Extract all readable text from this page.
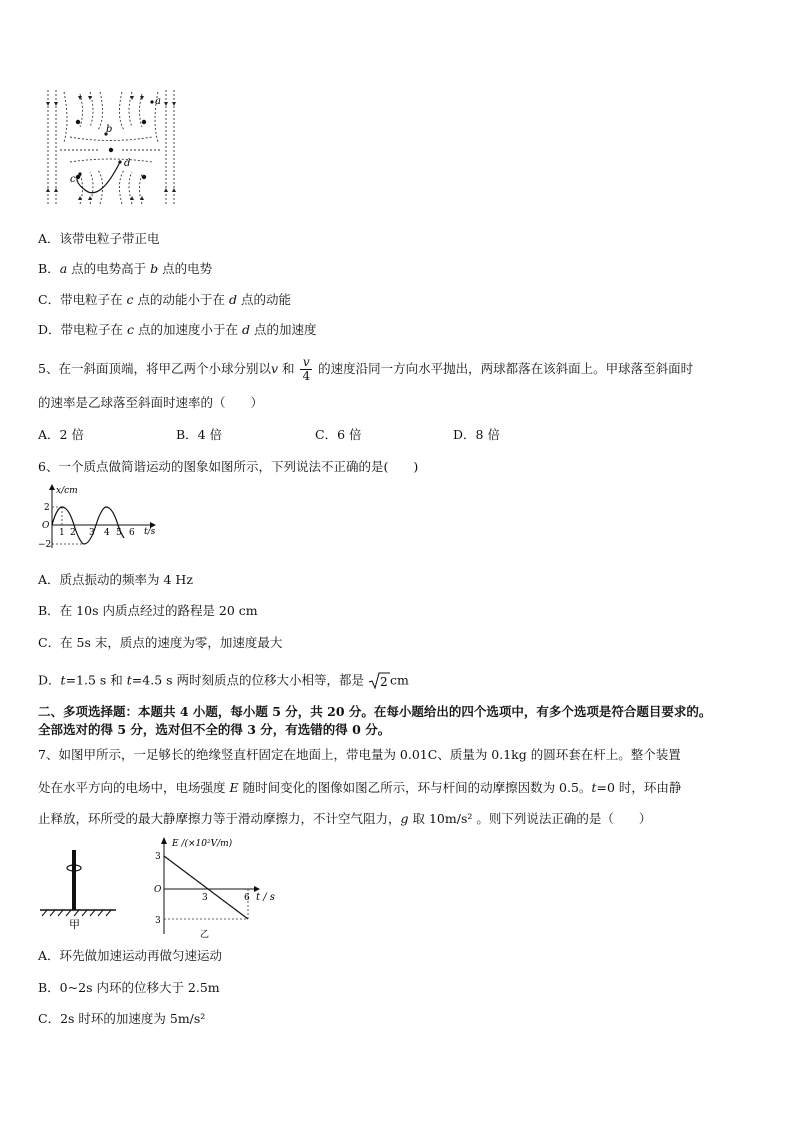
a
b
c
d
A．该带电粒子带正电
B．a 点的电势高于 b 点的电势
C．带电粒子在 c 点的动能小于在 d 点的动能
D．带电粒子在 c 点的加速度小于在 d 点的加速度
5、在一斜面顶端，将甲乙两个小球分别以v 和 $\frac{v}{4}$ 的速度沿同一方向水平抛出，两球都落在该斜面上。甲球落至斜面时
的速率是乙球落至斜面时速率的（　　）
A．2 倍	B．4 倍	C．6 倍	D．8 倍
6、一个质点做简谐运动的图象如图所示，下列说法不正确的是(　　)
x/cm
t/s
2
O
−2
1 2 3 4 5 6
A．质点振动的频率为 4 Hz
B．在 10s 内质点经过的路程是 20 cm
C．在 5s 末，质点的速度为零，加速度最大
D．t=1.5 s 和 t=4.5 s 两时刻质点的位移大小相等，都是 2 cm
二、多项选择题：本题共 4 小题，每小题 5 分，共 20 分。在每小题给出的四个选项中，有多个选项是符合题目要求的。
全部选对的得 5 分，选对但不全的得 3 分，有选错的得 0 分。
7、如图甲所示，一足够长的绝缘竖直杆固定在地面上，带电量为 0.01C、质量为 0.1kg 的圆环套在杆上。整个装置
处在水平方向的电场中，电场强度 E 随时间变化的图像如图乙所示，环与杆间的动摩擦因数为 0.5。t=0 时，环由静
止释放，环所受的最大静摩擦力等于滑动摩擦力，不计空气阻力，g 取 10m/s² 。则下列说法正确的是（　　）
甲
E /(×10²V/m)
3
O
3
3	6 t / s
乙
A．环先做加速运动再做匀速运动
B．0~2s 内环的位移大于 2.5m
C．2s 时环的加速度为 5m/s²
